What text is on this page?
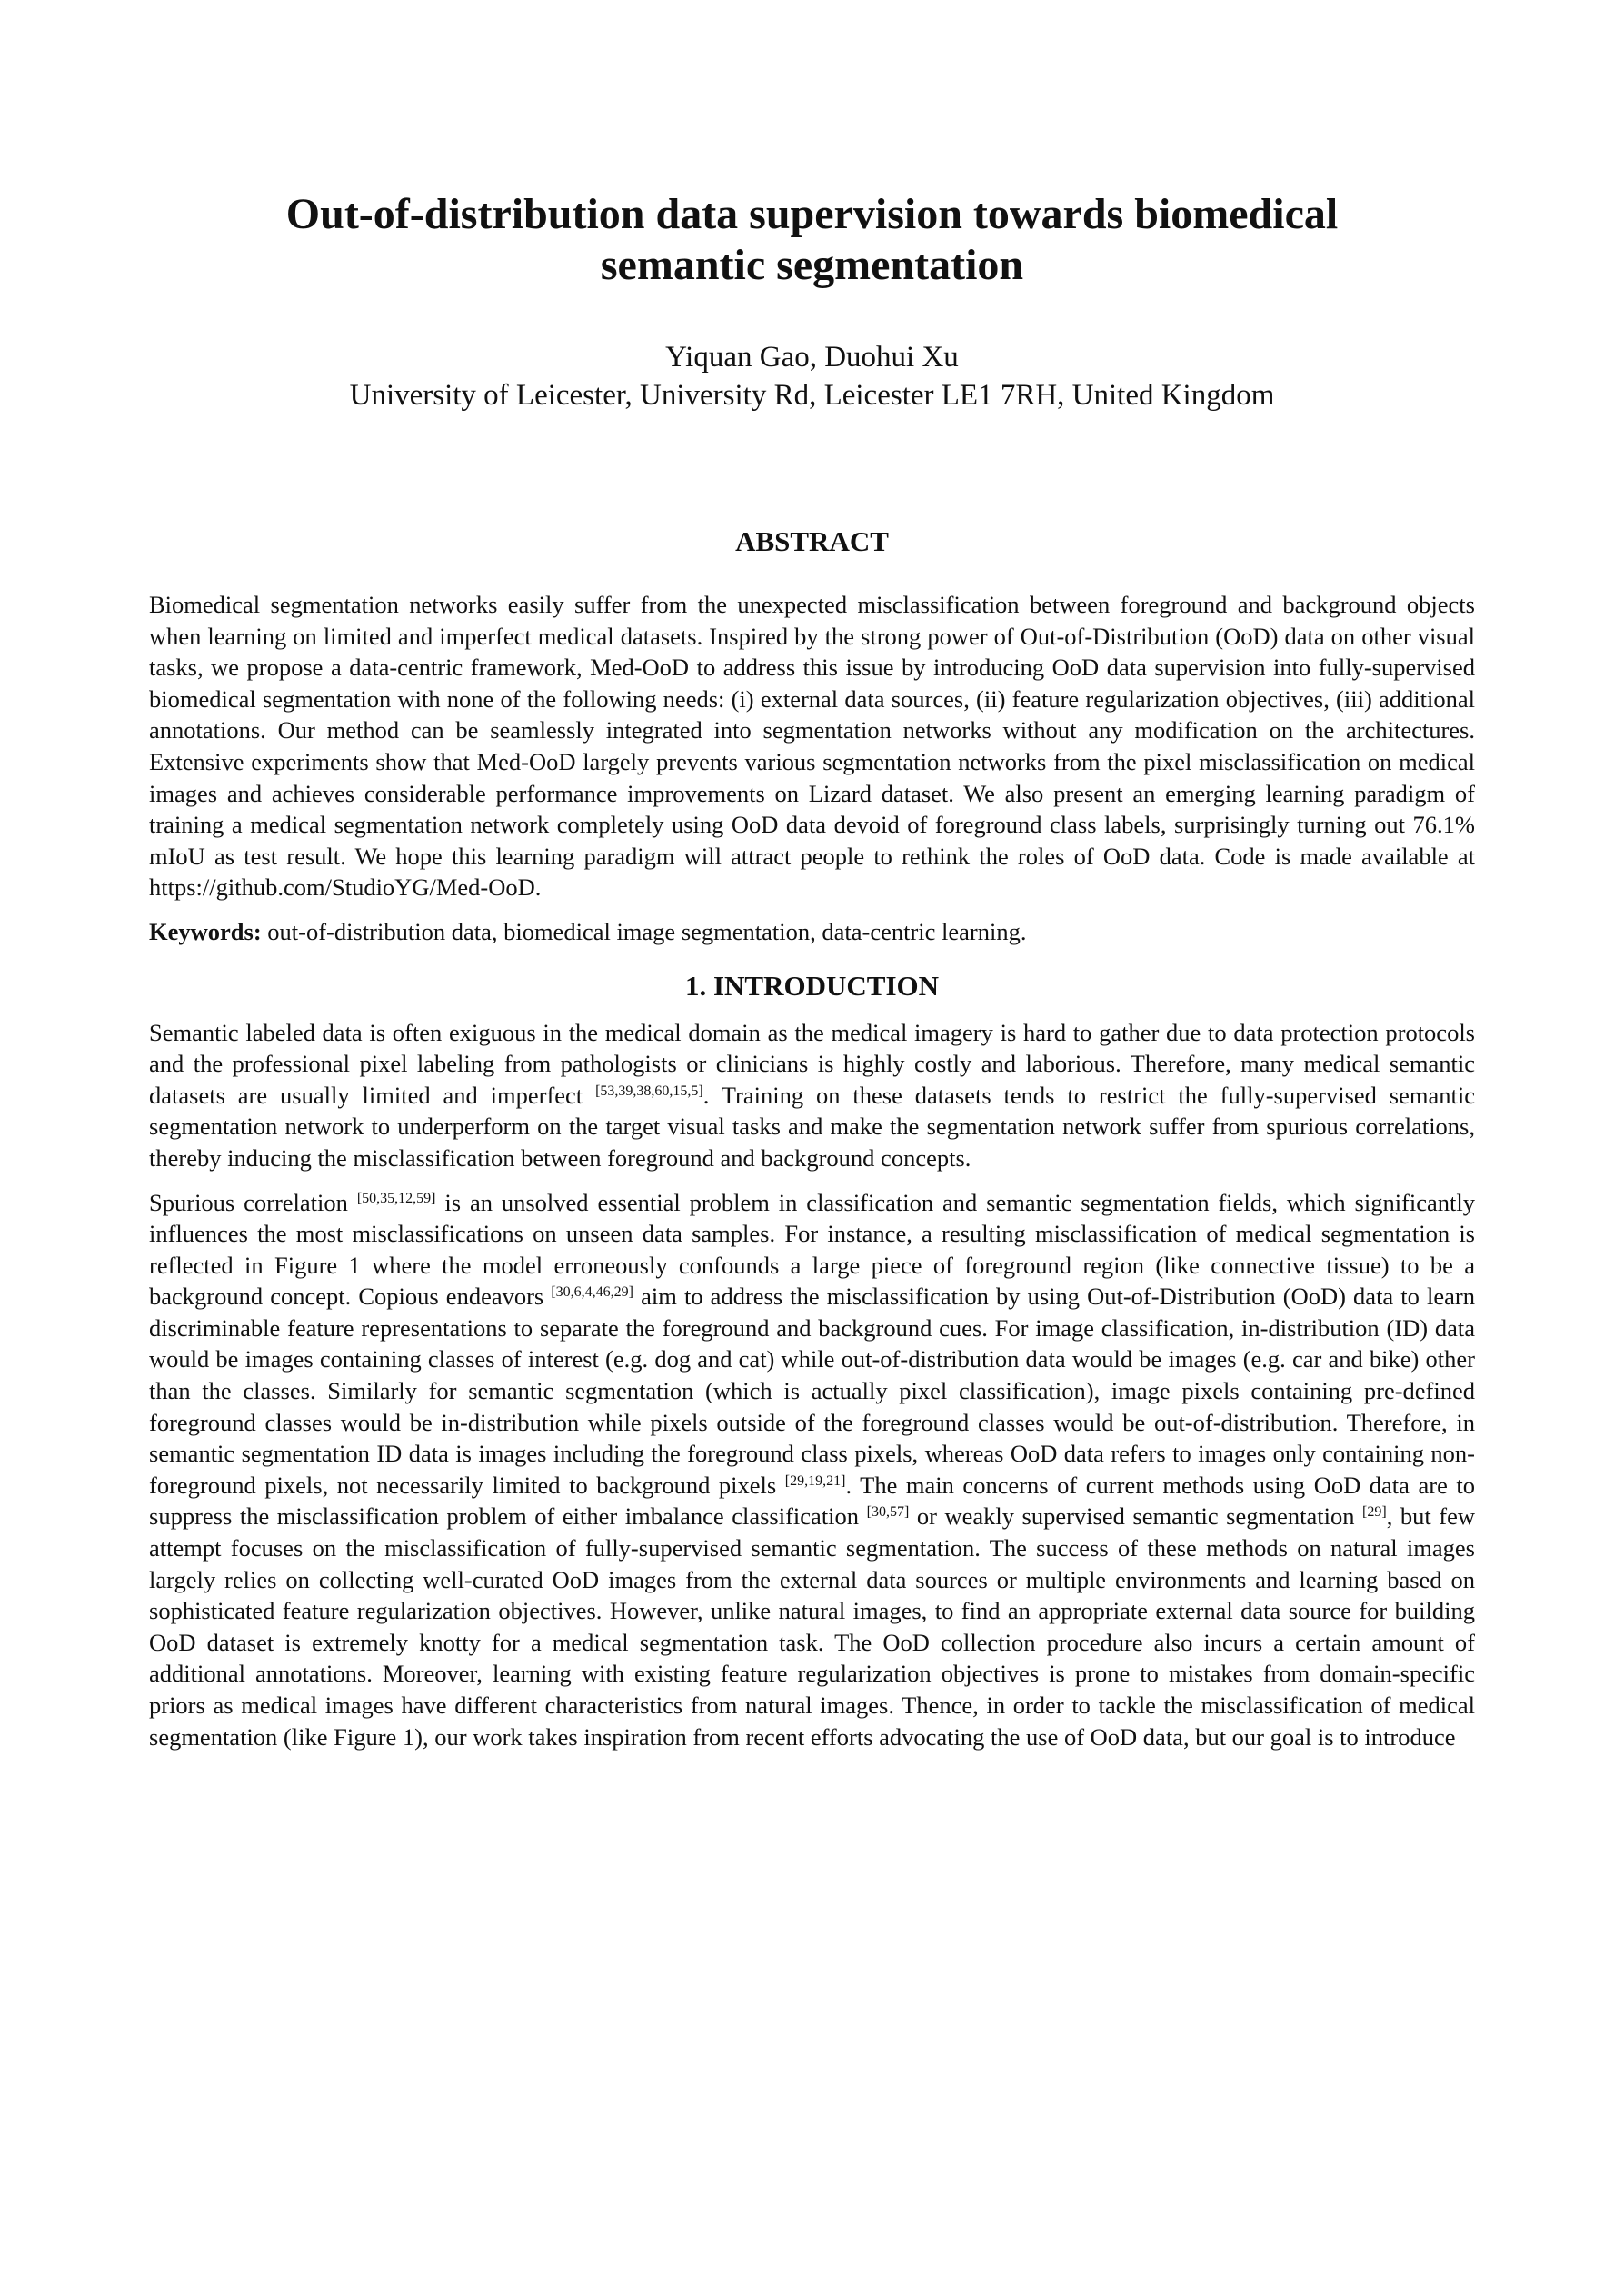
Out-of-distribution data supervision towards biomedical semantic segmentation
Yiquan Gao, Duohui Xu
University of Leicester, University Rd, Leicester LE1 7RH, United Kingdom
ABSTRACT

Biomedical segmentation networks easily suffer from the unexpected misclassification between foreground and background objects when learning on limited and imperfect medical datasets. Inspired by the strong power of Out-of-Distribution (OoD) data on other visual tasks, we propose a data-centric framework, Med-OoD to address this issue by introducing OoD data supervision into fully-supervised biomedical segmentation with none of the following needs: (i) external data sources, (ii) feature regularization objectives, (iii) additional annotations. Our method can be seamlessly integrated into segmentation networks without any modification on the architectures. Extensive experiments show that Med-OoD largely prevents various segmentation networks from the pixel misclassification on medical images and achieves considerable performance improvements on Lizard dataset. We also present an emerging learning paradigm of training a medical segmentation network completely using OoD data devoid of foreground class labels, surprisingly turning out 76.1% mIoU as test result. We hope this learning paradigm will attract people to rethink the roles of OoD data. Code is made available at https://github.com/StudioYG/Med-OoD.

Keywords: out-of-distribution data, biomedical image segmentation, data-centric learning.

1. INTRODUCTION

Semantic labeled data is often exiguous in the medical domain as the medical imagery is hard to gather due to data protection protocols and the professional pixel labeling from pathologists or clinicians is highly costly and laborious. Therefore, many medical semantic datasets are usually limited and imperfect [53,39,38,60,15,5]. Training on these datasets tends to restrict the fully-supervised semantic segmentation network to underperform on the target visual tasks and make the segmentation network suffer from spurious correlations, thereby inducing the misclassification between foreground and background concepts.

Spurious correlation [50,35,12,59] is an unsolved essential problem in classification and semantic segmentation fields, which significantly influences the most misclassifications on unseen data samples. For instance, a resulting misclassification of medical segmentation is reflected in Figure 1 where the model erroneously confounds a large piece of foreground region (like connective tissue) to be a background concept. Copious endeavors [30,6,4,46,29] aim to address the misclassification by using Out-of-Distribution (OoD) data to learn discriminable feature representations to separate the foreground and background cues. For image classification, in-distribution (ID) data would be images containing classes of interest (e.g. dog and cat) while out-of-distribution data would be images (e.g. car and bike) other than the classes. Similarly for semantic segmentation (which is actually pixel classification), image pixels containing pre-defined foreground classes would be in-distribution while pixels outside of the foreground classes would be out-of-distribution. Therefore, in semantic segmentation ID data is images including the foreground class pixels, whereas OoD data refers to images only containing non-foreground pixels, not necessarily limited to background pixels [29,19,21]. The main concerns of current methods using OoD data are to suppress the misclassification problem of either imbalance classification [30,57] or weakly supervised semantic segmentation [29], but few attempt focuses on the misclassification of fully-supervised semantic segmentation. The success of these methods on natural images largely relies on collecting well-curated OoD images from the external data sources or multiple environments and learning based on sophisticated feature regularization objectives. However, unlike natural images, to find an appropriate external data source for building OoD dataset is extremely knotty for a medical segmentation task. The OoD collection procedure also incurs a certain amount of additional annotations. Moreover, learning with existing feature regularization objectives is prone to mistakes from domain-specific priors as medical images have different characteristics from natural images. Thence, in order to tackle the misclassification of medical segmentation (like Figure 1), our work takes inspiration from recent efforts advocating the use of OoD data, but our goal is to introduce
